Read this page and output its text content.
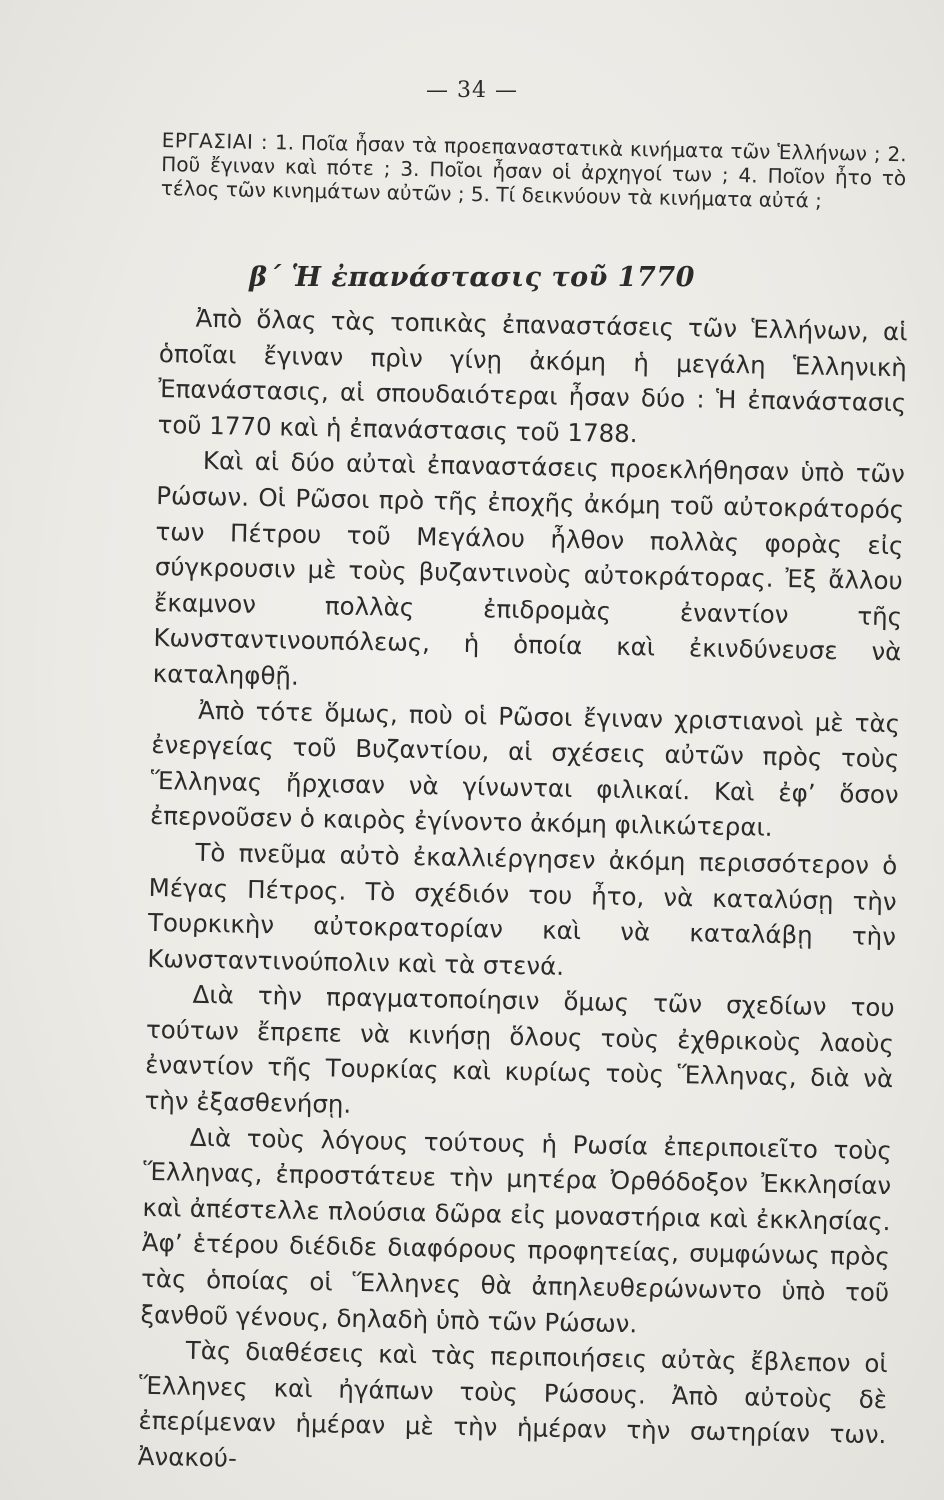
— 34 —
ΕΡΓΑΣΙΑΙ : 1. Ποῖα ἦσαν τὰ προεπαναστατικὰ κινήματα τῶν Ἑλλήνων ; 2. Ποῦ ἔγιναν καὶ πότε ; 3. Ποῖοι ἦσαν οἱ ἀρχηγοί των ; 4. Ποῖον ἦτο τὸ τέλος τῶν κινημάτων αὐτῶν ; 5. Τί δεικνύουν τὰ κινήματα αὐτά ;
β΄ Ἡ ἐπανάστασις τοῦ 1770

Ἀπὸ ὅλας τὰς τοπικὰς ἐπαναστάσεις τῶν Ἑλλήνων, αἱ ὁποῖαι ἔγιναν πρὶν γίνῃ ἀκόμη ἡ μεγάλη Ἑλληνικὴ Ἐπανάστασις, αἱ σπουδαιότεραι ἦσαν δύο : Ἡ ἐπανάστασις τοῦ 1770 καὶ ἡ ἐπανάστασις τοῦ 1788.

Καὶ αἱ δύο αὐταὶ ἐπαναστάσεις προεκλήθησαν ὑπὸ τῶν Ρώσων. Οἱ Ρῶσοι πρὸ τῆς ἐποχῆς ἀκόμη τοῦ αὐτοκράτορός των Πέτρου τοῦ Μεγάλου ἦλθον πολλὰς φορὰς εἰς σύγκρουσιν μὲ τοὺς βυζαντινοὺς αὐτοκράτορας. Ἐξ ἄλλου ἔκαμνον πολλὰς ἐπιδρομὰς ἐναντίον τῆς Κωνσταντινουπόλεως, ἡ ὁποία καὶ ἐκινδύνευσε νὰ καταληφθῇ.

Ἀπὸ τότε ὅμως, ποὺ οἱ Ρῶσοι ἔγιναν χριστιανοὶ μὲ τὰς ἐνεργείας τοῦ Βυζαντίου, αἱ σχέσεις αὐτῶν πρὸς τοὺς Ἕλληνας ἤρχισαν νὰ γίνωνται φιλικαί. Καὶ ἐφ’ ὅσον ἐπερνοῦσεν ὁ καιρὸς ἐγίνοντο ἀκόμη φιλικώτεραι.

Τὸ πνεῦμα αὐτὸ ἐκαλλιέργησεν ἀκόμη περισσότερον ὁ Μέγας Πέτρος. Τὸ σχέδιόν του ἦτο, νὰ καταλύσῃ τὴν Τουρκικὴν αὐτοκρατορίαν καὶ νὰ καταλάβῃ τὴν Κωνσταντινούπολιν καὶ τὰ στενά.

Διὰ τὴν πραγματοποίησιν ὅμως τῶν σχεδίων του τούτων ἔπρεπε νὰ κινήσῃ ὅλους τοὺς ἐχθρικοὺς λαοὺς ἐναντίον τῆς Τουρκίας καὶ κυρίως τοὺς Ἕλληνας, διὰ νὰ τὴν ἐξασθενήσῃ.

Διὰ τοὺς λόγους τούτους ἡ Ρωσία ἐπεριποιεῖτο τοὺς Ἕλληνας, ἐπροστάτευε τὴν μητέρα Ὀρθόδοξον Ἐκκλησίαν καὶ ἀπέστελλε πλούσια δῶρα εἰς μοναστήρια καὶ ἐκκλησίας. Ἀφ’ ἑτέρου διέδιδε διαφόρους προφητείας, συμφώνως πρὸς τὰς ὁποίας οἱ Ἕλληνες θὰ ἀπηλευθερώνωντο ὑπὸ τοῦ ξανθοῦ γένους, δηλαδὴ ὑπὸ τῶν Ρώσων.

Τὰς διαθέσεις καὶ τὰς περιποιήσεις αὐτὰς ἔβλεπον οἱ Ἕλληνες καὶ ἠγάπων τοὺς Ρώσους. Ἀπὸ αὐτοὺς δὲ ἐπερίμεναν ἡμέραν μὲ τὴν ἡμέραν τὴν σωτηρίαν των. Ἀνακού-
